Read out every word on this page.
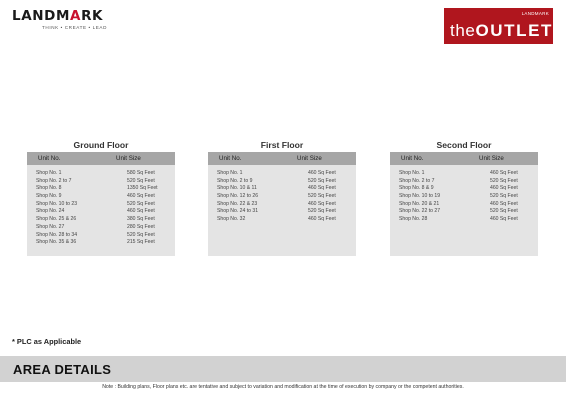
LANDMARK
THINK • CREATE • LEAD
LANDMARK
theOUTLET
Ground Floor
Unit No.	Unit Size
Shop No. 1	580 Sq Feet
Shop No. 2 to 7	520 Sq Feet
Shop No. 8	1350 Sq Feet
Shop No. 9	460 Sq Feet
Shop No. 10 to 23	520 Sq Feet
Shop No. 24	460 Sq Feet
Shop No. 25 & 26	380 Sq Feet
Shop No. 27	280 Sq Feet
Shop No. 28 to 34	520 Sq Feet
Shop No. 35 & 36	215 Sq Feet
First Floor
Unit No.	Unit Size
Shop No. 1	460 Sq Feet
Shop No. 2 to 9	520 Sq Feet
Shop No. 10 & 11	460 Sq Feet
Shop No. 12 to 26	520 Sq Feet
Shop No. 22 & 23	460 Sq Feet
Shop No. 24 to 31	520 Sq Feet
Shop No. 32	460 Sq Feet
Second Floor
Unit No.	Unit Size
Shop No. 1	460 Sq Feet
Shop No. 2 to 7	520 Sq Feet
Shop No. 8 & 9	460 Sq Feet
Shop No. 10 to 19	520 Sq Feet
Shop No. 20 & 21	460 Sq Feet
Shop No. 22 to 27	520 Sq Feet
Shop No. 28	460 Sq Feet
* PLC as Applicable
AREA DETAILS
Note : Building plans, Floor plans etc. are tentative and subject to variation and modification at the time of execution by company or the competent authorities.
